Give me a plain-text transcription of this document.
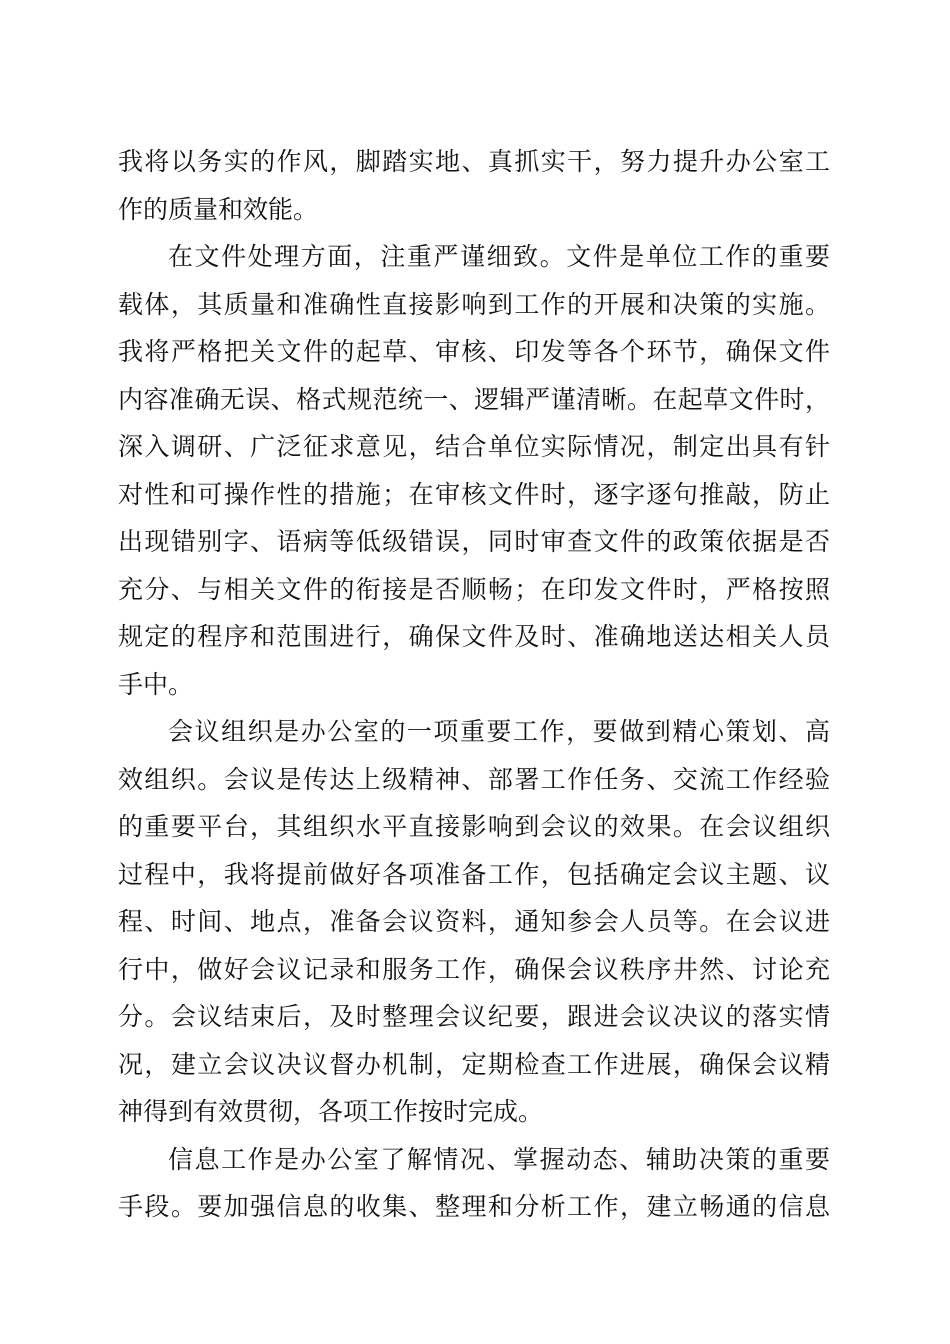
我将以务实的作风，脚踏实地、真抓实干，努力提升办公室工
作的质量和效能。
在文件处理方面，注重严谨细致。文件是单位工作的重要
载体，其质量和准确性直接影响到工作的开展和决策的实施。
我将严格把关文件的起草、审核、印发等各个环节，确保文件
内容准确无误、格式规范统一、逻辑严谨清晰。在起草文件时，
深入调研、广泛征求意见，结合单位实际情况，制定出具有针
对性和可操作性的措施；在审核文件时，逐字逐句推敲，防止
出现错别字、语病等低级错误，同时审查文件的政策依据是否
充分、与相关文件的衔接是否顺畅；在印发文件时，严格按照
规定的程序和范围进行，确保文件及时、准确地送达相关人员
手中。
会议组织是办公室的一项重要工作，要做到精心策划、高
效组织。会议是传达上级精神、部署工作任务、交流工作经验
的重要平台，其组织水平直接影响到会议的效果。在会议组织
过程中，我将提前做好各项准备工作，包括确定会议主题、议
程、时间、地点，准备会议资料，通知参会人员等。在会议进
行中，做好会议记录和服务工作，确保会议秩序井然、讨论充
分。会议结束后，及时整理会议纪要，跟进会议决议的落实情
况，建立会议决议督办机制，定期检查工作进展，确保会议精
神得到有效贯彻，各项工作按时完成。
信息工作是办公室了解情况、掌握动态、辅助决策的重要
手段。要加强信息的收集、整理和分析工作，建立畅通的信息
